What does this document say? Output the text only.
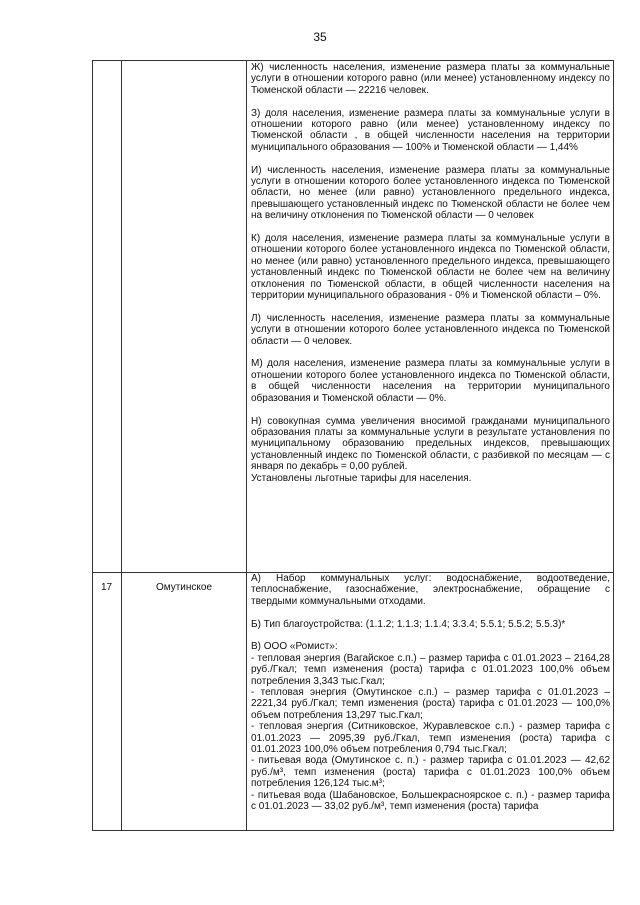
35

Ж) численность населения, изменение размера платы за коммунальные услуги в отношении которого равно (или менее) установленному индексу по Тюменской области — 22216 человек.

З) доля населения, изменение размера платы за коммунальные услуги в отношении которого равно (или менее) установленному индексу по Тюменской области , в общей численности населения на территории муниципального образования — 100% и Тюменской области — 1,44%

И) численность населения, изменение размера платы за коммунальные услуги в отношении которого более установленного индекса по Тюменской области, но менее (или равно) установленного предельного индекса, превышающего установленный индекс по Тюменской области не более чем на величину отклонения по Тюменской области — 0 человек

К) доля населения, изменение размера платы за коммунальные услуги в отношении которого более установленного индекса по Тюменской области, но менее (или равно) установленного предельного индекса, превышающего установленный индекс по Тюменской области не более чем на величину отклонения по Тюменской области, в общей численности населения на территории муниципального образования - 0% и Тюменской области – 0%.

Л) численность населения, изменение размера платы за коммунальные услуги в отношении которого более установленного индекса по Тюменской области — 0 человек.

М) доля населения, изменение размера платы за коммунальные услуги в отношении которого более установленного индекса по Тюменской области, в общей численности населения на территории муниципального образования и Тюменской области — 0%.

Н) совокупная сумма увеличения вносимой гражданами муниципального образования платы за коммунальные услуги в результате установления по муниципальному образованию предельных индексов, превышающих установленный индекс по Тюменской области, с разбивкой по месяцам — с января по декабрь = 0,00 рублей.

Установлены льготные тарифы для населения.

17	Омутинское

А) Набор коммунальных услуг: водоснабжение, водоотведение, теплоснабжение, газоснабжение, электроснабжение, обращение с твердыми коммунальными отходами.

Б) Тип благоустройства: (1.1.2; 1.1.3; 1.1.4; 3.3.4; 5.5.1; 5.5.2; 5.5.3)*

В) ООО «Ромист»:

- тепловая энергия (Вагайское с.п.) – размер тарифа с 01.01.2023 – 2164,28 руб./Гкал; темп изменения (роста) тарифа с 01.01.2023 100,0% объем потребления 3,343 тыс.Гкал;

- тепловая энергия (Омутинское с.п.) – размер тарифа с 01.01.2023 – 2221,34 руб./Гкал; темп изменения (роста) тарифа с 01.01.2023 — 100,0% объем потребления 13,297 тыс.Гкал;

- тепловая энергия (Ситниковское, Журавлевское с.п.) - размер тарифа с 01.01.2023 — 2095,39 руб./Гкал, темп изменения (роста) тарифа с 01.01.2023 100,0% объем потребления 0,794 тыс.Гкал;

- питьевая вода (Омутинское с. п.) - размер тарифа с 01.01.2023 — 42,62 руб./м³, темп изменения (роста) тарифа с 01.01.2023 100,0% объем потребления 126,124 тыс.м³;

- питьевая вода (Шабановское, Большекрасноярское с. п.) - размер тарифа с 01.01.2023 — 33,02 руб./м³, темп изменения (роста) тарифа
